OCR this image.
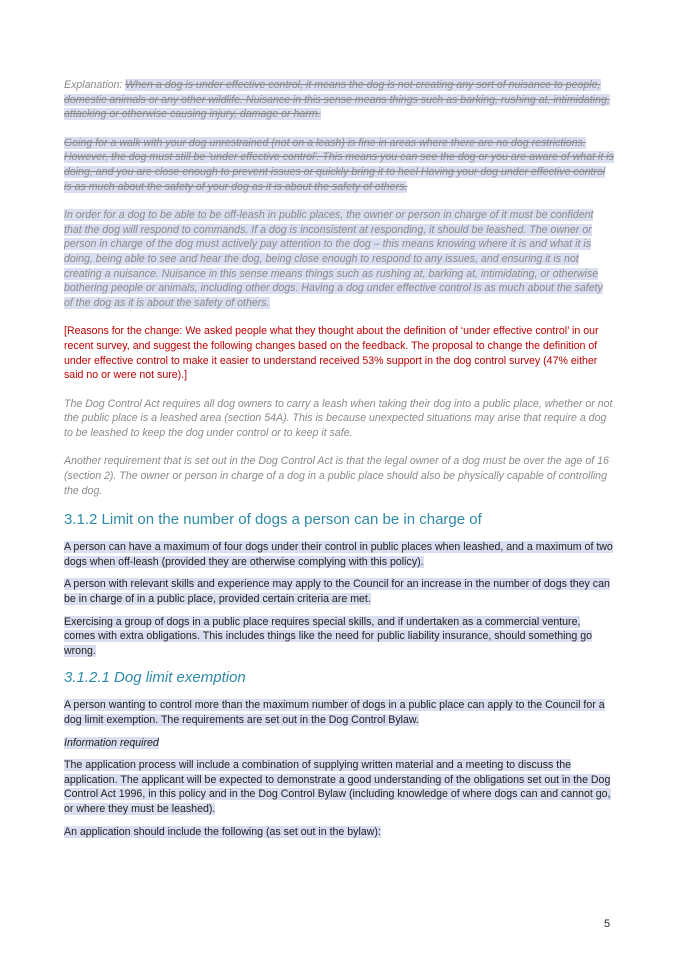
Explanation: When a dog is under effective control, it means the dog is not creating any sort of nuisance to people, domestic animals or any other wildlife. Nuisance in this sense means things such as barking, rushing at, intimidating, attacking or otherwise causing injury, damage or harm.

Going for a walk with your dog unrestrained (not on a leash) is fine in areas where there are no dog restrictions. However, the dog must still be 'under effective control'. This means you can see the dog or you are aware of what it is doing, and you are close enough to prevent issues or quickly bring it to heel Having your dog under effective control is as much about the safety of your dog as it is about the safety of others.

In order for a dog to be able to be off-leash in public places, the owner or person in charge of it must be confident that the dog will respond to commands. If a dog is inconsistent at responding, it should be leashed. The owner or person in charge of the dog must actively pay attention to the dog – this means knowing where it is and what it is doing, being able to see and hear the dog, being close enough to respond to any issues, and ensuring it is not creating a nuisance. Nuisance in this sense means things such as rushing at, barking at, intimidating, or otherwise bothering people or animals, including other dogs. Having a dog under effective control is as much about the safety of the dog as it is about the safety of others.

[Reasons for the change: We asked people what they thought about the definition of ‘under effective control’ in our recent survey, and suggest the following changes based on the feedback. The proposal to change the definition of under effective control to make it easier to understand received 53% support in the dog control survey (47% either said no or were not sure).]

The Dog Control Act requires all dog owners to carry a leash when taking their dog into a public place, whether or not the public place is a leashed area (section 54A). This is because unexpected situations may arise that require a dog to be leashed to keep the dog under control or to keep it safe.

Another requirement that is set out in the Dog Control Act is that the legal owner of a dog must be over the age of 16 (section 2). The owner or person in charge of a dog in a public place should also be physically capable of controlling the dog.

3.1.2 Limit on the number of dogs a person can be in charge of

A person can have a maximum of four dogs under their control in public places when leashed, and a maximum of two dogs when off-leash (provided they are otherwise complying with this policy).

A person with relevant skills and experience may apply to the Council for an increase in the number of dogs they can be in charge of in a public place, provided certain criteria are met.

Exercising a group of dogs in a public place requires special skills, and if undertaken as a commercial venture, comes with extra obligations. This includes things like the need for public liability insurance, should something go wrong.

3.1.2.1 Dog limit exemption

A person wanting to control more than the maximum number of dogs in a public place can apply to the Council for a dog limit exemption. The requirements are set out in the Dog Control Bylaw.

Information required

The application process will include a combination of supplying written material and a meeting to discuss the application. The applicant will be expected to demonstrate a good understanding of the obligations set out in the Dog Control Act 1996, in this policy and in the Dog Control Bylaw (including knowledge of where dogs can and cannot go, or where they must be leashed).

An application should include the following (as set out in the bylaw):

5
